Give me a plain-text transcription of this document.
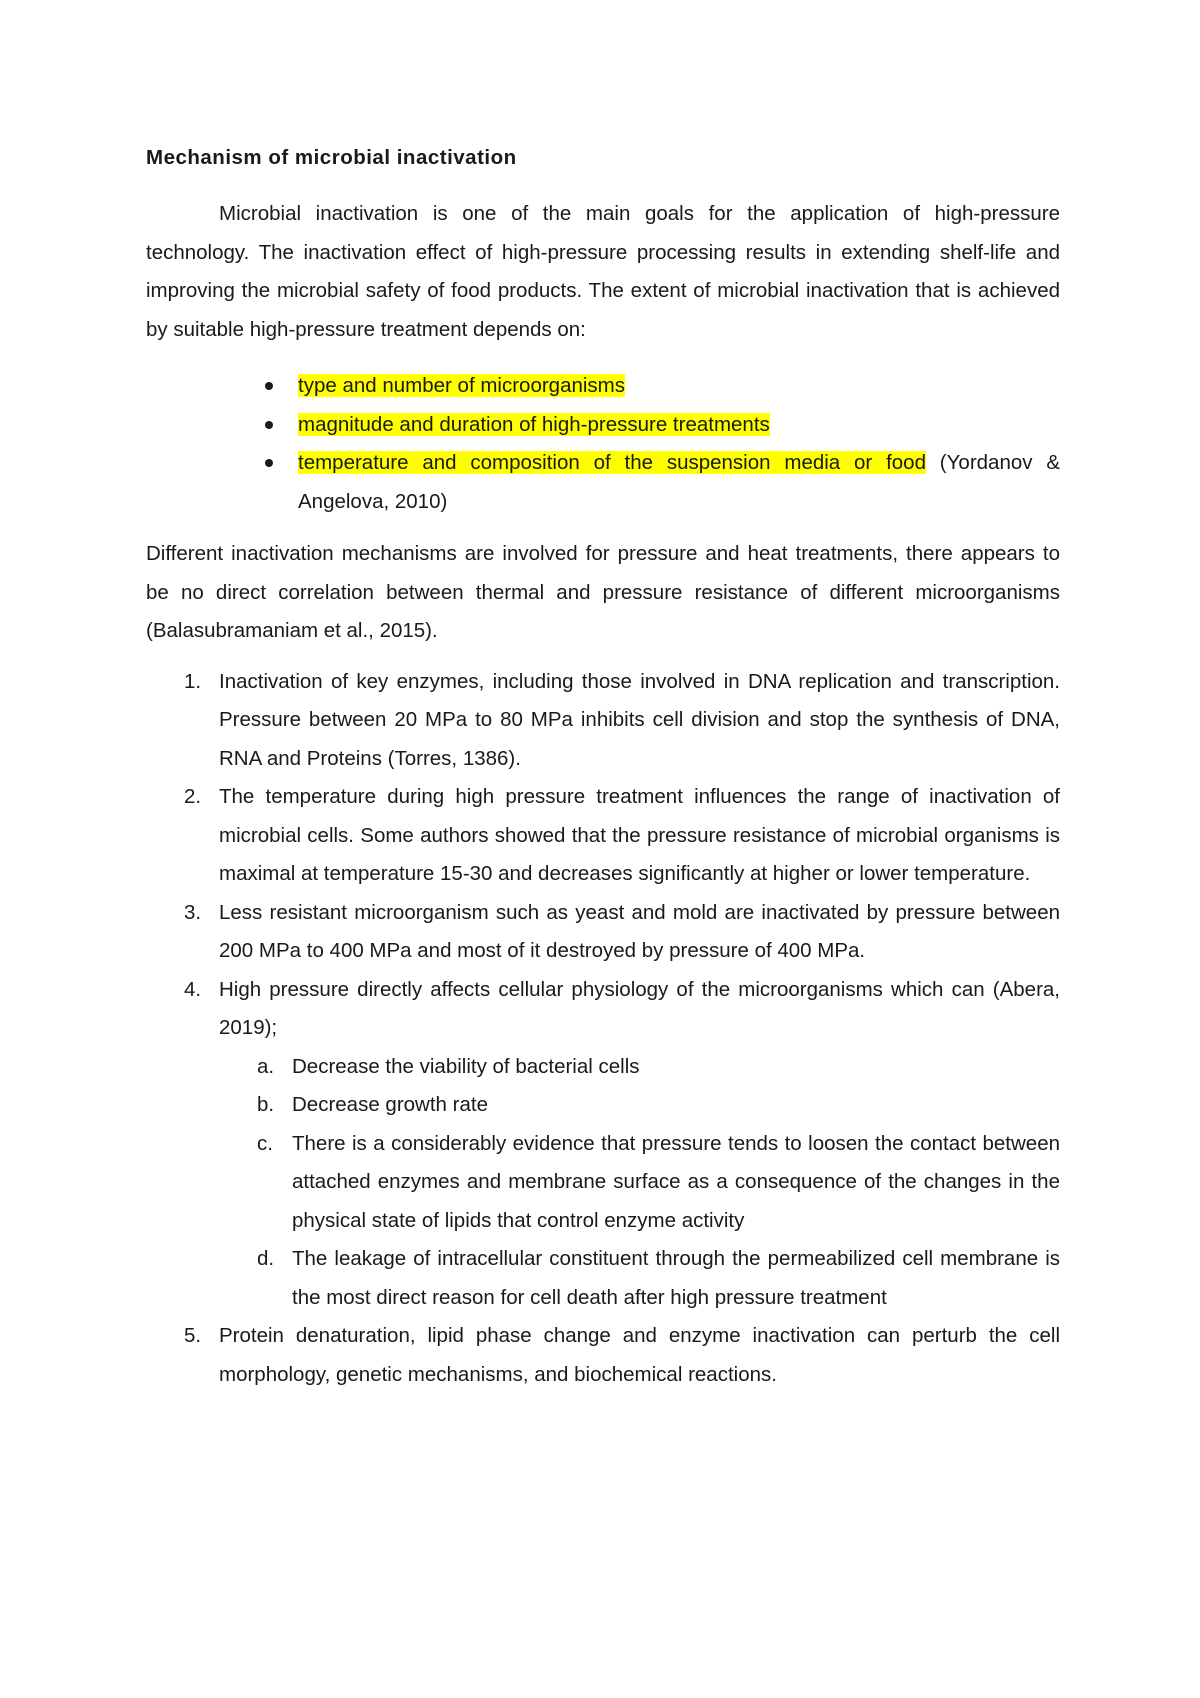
Mechanism of microbial inactivation

Microbial inactivation is one of the main goals for the application of high-pressure technology. The inactivation effect of high-pressure processing results in extending shelf-life and improving the microbial safety of food products. The extent of microbial inactivation that is achieved by suitable high-pressure treatment depends on:

type and number of microorganisms
magnitude and duration of high-pressure treatments
temperature and composition of the suspension media or food (Yordanov & Angelova, 2010)

Different inactivation mechanisms are involved for pressure and heat treatments, there appears to be no direct correlation between thermal and pressure resistance of different microorganisms (Balasubramaniam et al., 2015).

1. Inactivation of key enzymes, including those involved in DNA replication and transcription. Pressure between 20 MPa to 80 MPa inhibits cell division and stop the synthesis of DNA, RNA and Proteins (Torres, 1386).
2. The temperature during high pressure treatment influences the range of inactivation of microbial cells. Some authors showed that the pressure resistance of microbial organisms is maximal at temperature 15-30 and decreases significantly at higher or lower temperature.
3. Less resistant microorganism such as yeast and mold are inactivated by pressure between 200 MPa to 400 MPa and most of it destroyed by pressure of 400 MPa.
4. High pressure directly affects cellular physiology of the microorganisms which can (Abera, 2019);
a. Decrease the viability of bacterial cells
b. Decrease growth rate
c. There is a considerably evidence that pressure tends to loosen the contact between attached enzymes and membrane surface as a consequence of the changes in the physical state of lipids that control enzyme activity
d. The leakage of intracellular constituent through the permeabilized cell membrane is the most direct reason for cell death after high pressure treatment
5. Protein denaturation, lipid phase change and enzyme inactivation can perturb the cell morphology, genetic mechanisms, and biochemical reactions.
